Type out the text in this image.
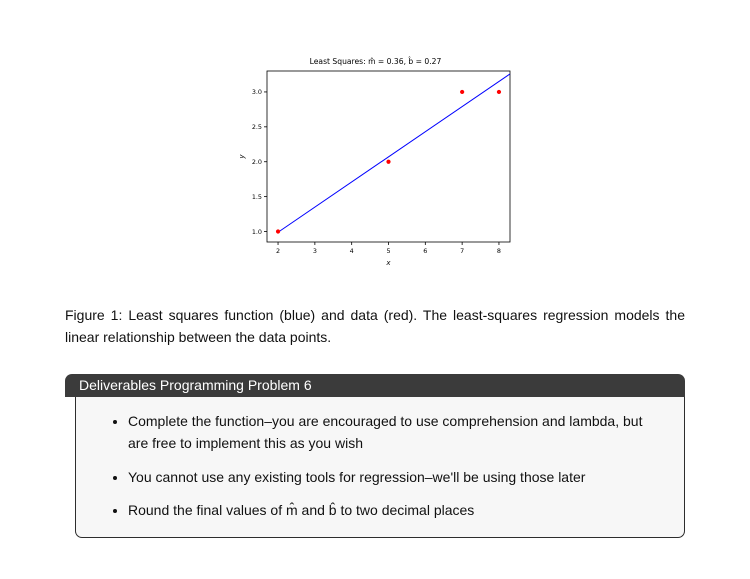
Least Squares: m̂ = 0.36, b̂ = 0.27
2	3	4	5	6	7	8
1.0
1.5
2.0
2.5
3.0
x
y

Figure 1: Least squares function (blue) and data (red). The least-squares regression models the linear relationship between the data points.

Deliverables Programming Problem 6
• Complete the function–you are encouraged to use comprehension and lambda, but are free to implement this as you wish
• You cannot use any existing tools for regression–we'll be using those later
• Round the final values of m̂ and b̂ to two decimal places
